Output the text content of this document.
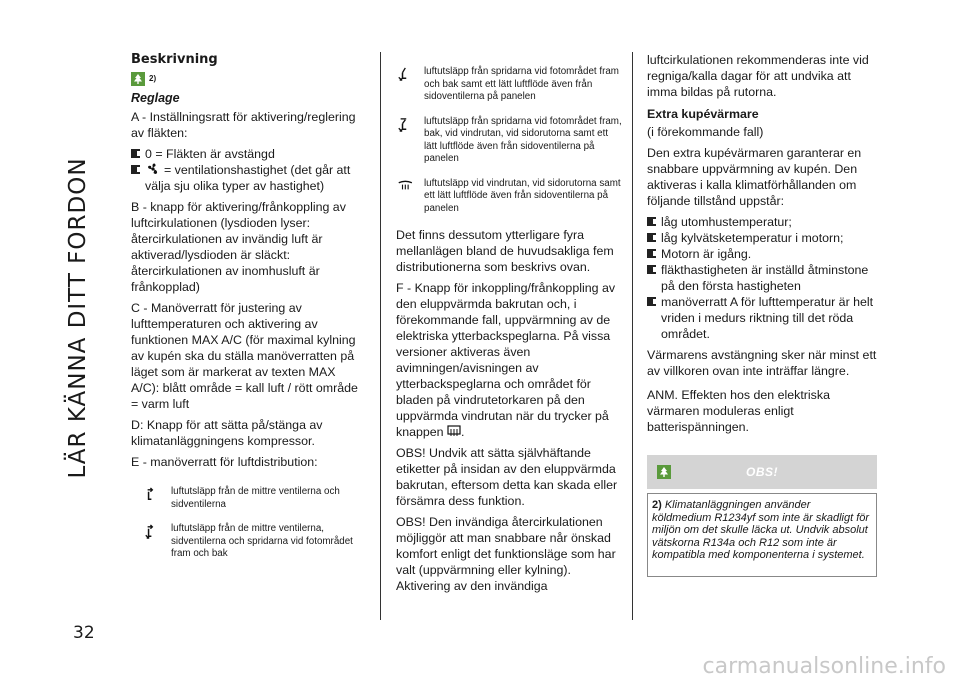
LÄR KÄNNA DITT FORDON
32
Beskrivning
2)
Reglage

A - Inställningsratt för aktivering/reglering av fläkten:

0 = Fläkten är avstängd
= ventilationshastighet (det går att välja sju olika typer av hastighet)

B - knapp för aktivering/frånkoppling av luftcirkulationen (lysdioden lyser: återcirkulationen av invändig luft är aktiverad/lysdioden är släckt: återcirkulationen av inomhusluft är frånkopplad)

C - Manöverratt för justering av lufttemperaturen och aktivering av funktionen MAX A/C (för maximal kylning av kupén ska du ställa manöverratten på läget som är markerat av texten MAX A/C): blått område = kall luft / rött område = varm luft

D: Knapp för att sätta på/stänga av klimatanläggningens kompressor.

E - manöverratt för luftdistribution:

luftutsläpp från de mittre ventilerna och sidventilerna
luftutsläpp från de mittre ventilerna, sidventilerna och spridarna vid fotområdet fram och bak
luftutsläpp från spridarna vid fotområdet fram och bak samt ett lätt luftflöde även från sidoventilerna på panelen
luftutsläpp från spridarna vid fotområdet fram, bak, vid vindrutan, vid sidorutorna samt ett lätt luftflöde även från sidoventilerna på panelen
luftutsläpp vid vindrutan, vid sidorutorna samt ett lätt luftflöde även från sidoventilerna på panelen

Det finns dessutom ytterligare fyra mellanlägen bland de huvudsakliga fem distributionerna som beskrivs ovan.

F - Knapp för inkoppling/frånkoppling av den eluppvärmda bakrutan och, i förekommande fall, uppvärmning av de elektriska ytterbackspeglarna. På vissa versioner aktiveras även avimningen/avisningen av ytterbackspeglarna och området för bladen på vindrutetorkaren på den uppvärmda vindrutan när du trycker på knappen .

OBS! Undvik att sätta självhäftande etiketter på insidan av den eluppvärmda bakrutan, eftersom detta kan skada eller försämra dess funktion.

OBS! Den invändiga återcirkulationen möjliggör att man snabbare når önskad komfort enligt det funktionsläge som har valt (uppvärmning eller kylning). Aktivering av den invändiga

luftcirkulationen rekommenderas inte vid regniga/kalla dagar för att undvika att imma bildas på rutorna.

Extra kupévärmare

(i förekommande fall)

Den extra kupévärmaren garanterar en snabbare uppvärmning av kupén. Den aktiveras i kalla klimatförhållanden om följande tillstånd uppstår:

låg utomhustemperatur;
låg kylvätsketemperatur i motorn;
Motorn är igång.
fläkthastigheten är inställd åtminstone på den första hastigheten
manöverratt A för lufttemperatur är helt vriden i medurs riktning till det röda området.

Värmarens avstängning sker när minst ett av villkoren ovan inte inträffar längre.

ANM. Effekten hos den elektriska värmaren moduleras enligt batterispänningen.

OBS!
2) Klimatanläggningen använder köldmedium R1234yf som inte är skadligt för miljön om det skulle läcka ut. Undvik absolut vätskorna R134a och R12 som inte är kompatibla med komponenterna i systemet.
carmanualsonline.info
